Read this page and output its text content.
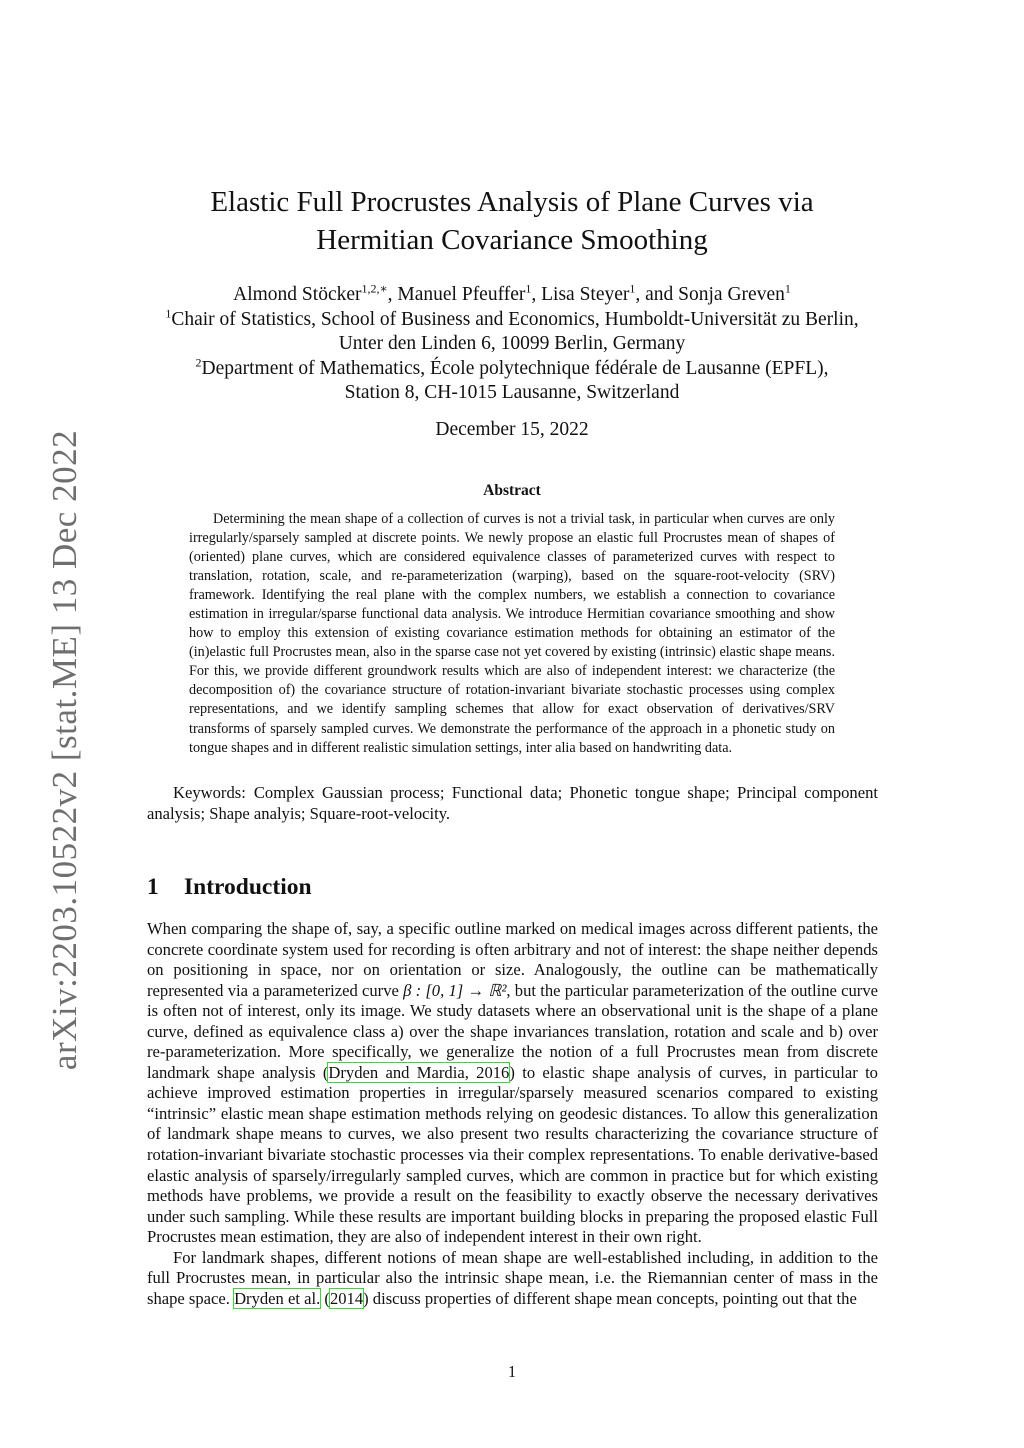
arXiv:2203.10522v2 [stat.ME] 13 Dec 2022
Elastic Full Procrustes Analysis of Plane Curves via
Hermitian Covariance Smoothing
Almond Stöcker$^{1,2,∗}$, Manuel Pfeuffer$^1$, Lisa Steyer$^1$, and Sonja Greven$^1$
$^1$Chair of Statistics, School of Business and Economics, Humboldt-Universität zu Berlin,
Unter den Linden 6, 10099 Berlin, Germany
$^2$Department of Mathematics, École polytechnique fédérale de Lausanne (EPFL),
Station 8, CH-1015 Lausanne, Switzerland
December 15, 2022
Abstract

Determining the mean shape of a collection of curves is not a trivial task, in particular when curves are only irregularly/sparsely sampled at discrete points. We newly propose an elastic full Procrustes mean of shapes of (oriented) plane curves, which are considered equivalence classes of parameterized curves with respect to translation, rotation, scale, and re-parameterization (warping), based on the square-root-velocity (SRV) framework. Identifying the real plane with the complex numbers, we establish a connection to covariance estimation in irregular/sparse functional data analysis. We introduce Hermitian covariance smoothing and show how to employ this extension of existing covariance estimation methods for obtaining an estimator of the (in)elastic full Procrustes mean, also in the sparse case not yet covered by existing (intrinsic) elastic shape means. For this, we provide different groundwork results which are also of independent interest: we characterize (the decomposition of) the covariance structure of rotation-invariant bivariate stochastic processes using complex representations, and we identify sampling schemes that allow for exact observation of derivatives/SRV transforms of sparsely sampled curves. We demonstrate the performance of the approach in a phonetic study on tongue shapes and in different realistic simulation settings, inter alia based on handwriting data.

Keywords: Complex Gaussian process; Functional data; Phonetic tongue shape; Principal component analysis; Shape analyis; Square-root-velocity.

1 Introduction

When comparing the shape of, say, a specific outline marked on medical images across different patients, the concrete coordinate system used for recording is often arbitrary and not of interest: the shape neither depends on positioning in space, nor on orientation or size. Analogously, the outline can be mathematically represented via a parameterized curve β : [0, 1] → ℝ², but the particular parameterization of the outline curve is often not of interest, only its image. We study datasets where an observational unit is the shape of a plane curve, defined as equivalence class a) over the shape invariances translation, rotation and scale and b) over re-parameterization. More specifically, we generalize the notion of a full Procrustes mean from discrete landmark shape analysis (Dryden and Mardia, 2016) to elastic shape analysis of curves, in particular to achieve improved estimation properties in irregular/sparsely measured scenarios compared to existing “intrinsic” elastic mean shape estimation methods relying on geodesic distances. To allow this generalization of landmark shape means to curves, we also present two results characterizing the covariance structure of rotation-invariant bivariate stochastic processes via their complex representations. To enable derivative-based elastic analysis of sparsely/irregularly sampled curves, which are common in practice but for which existing methods have problems, we provide a result on the feasibility to exactly observe the necessary derivatives under such sampling. While these results are important building blocks in preparing the proposed elastic Full Procrustes mean estimation, they are also of independent interest in their own right.

For landmark shapes, different notions of mean shape are well-established including, in addition to the full Procrustes mean, in particular also the intrinsic shape mean, i.e. the Riemannian center of mass in the shape space. Dryden et al. (2014) discuss properties of different shape mean concepts, pointing out that the

1
